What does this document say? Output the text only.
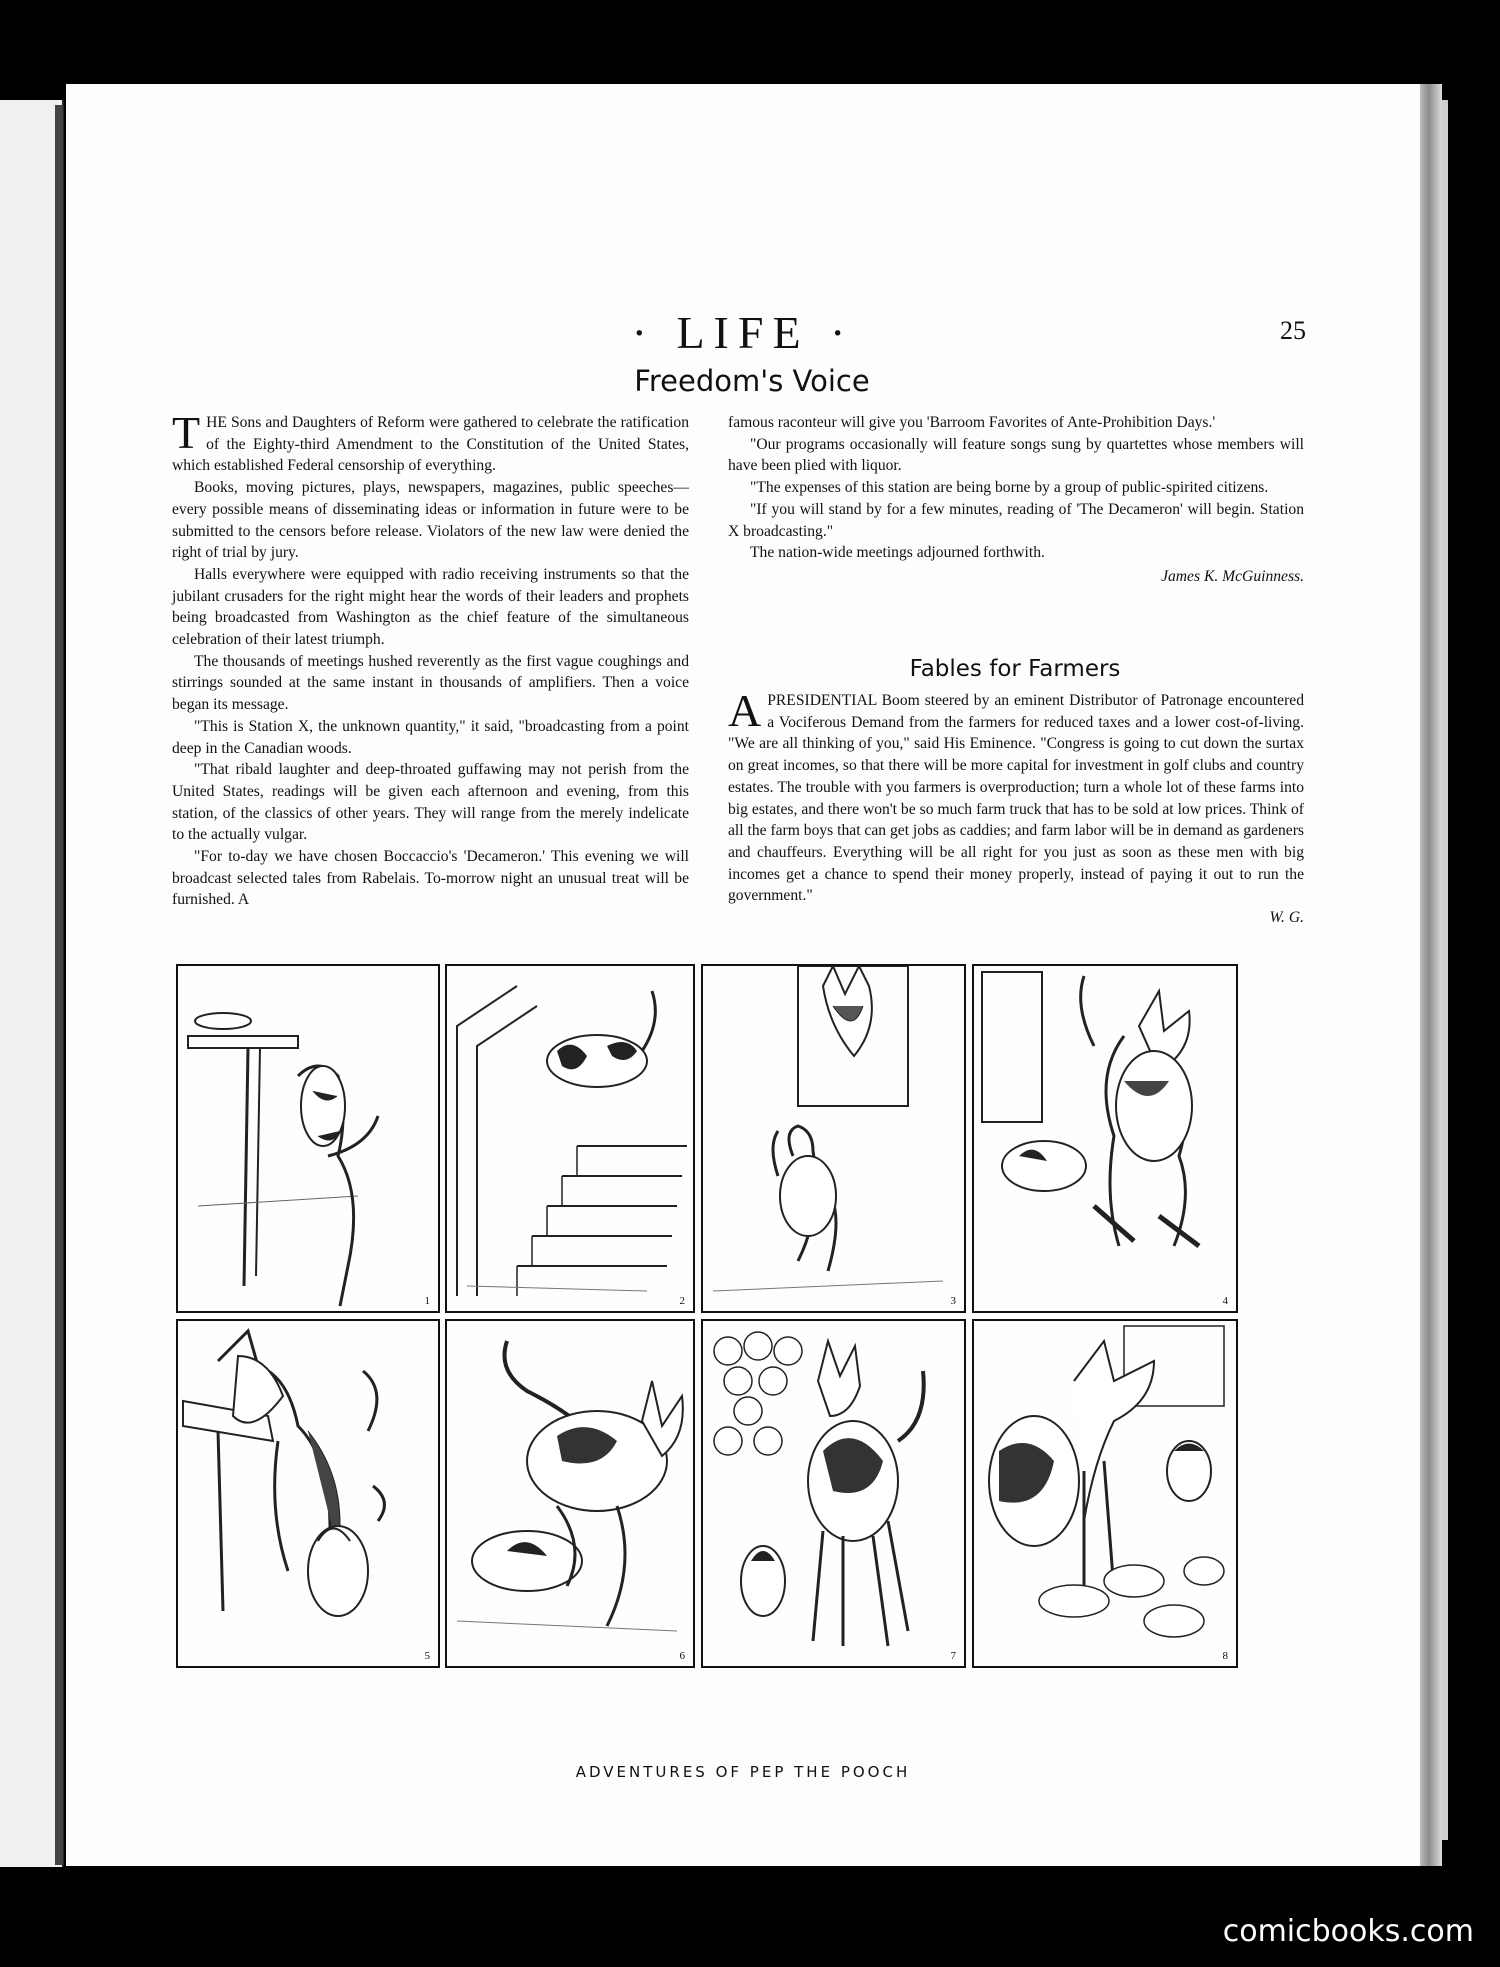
· LIFE ·	25
Freedom's Voice

THE Sons and Daughters of Reform were gathered to celebrate the ratification of the Eighty-third Amendment to the Constitution of the United States, which established Federal censorship of everything.

Books, moving pictures, plays, newspapers, magazines, public speeches—every possible means of disseminating ideas or information in future were to be submitted to the censors before release. Violators of the new law were denied the right of trial by jury.

Halls everywhere were equipped with radio receiving instruments so that the jubilant crusaders for the right might hear the words of their leaders and prophets being broadcasted from Washington as the chief feature of the simultaneous celebration of their latest triumph.

The thousands of meetings hushed reverently as the first vague coughings and stirrings sounded at the same instant in thousands of amplifiers. Then a voice began its message.

"This is Station X, the unknown quantity," it said, "broadcasting from a point deep in the Canadian woods.

"That ribald laughter and deep-throated guffawing may not perish from the United States, readings will be given each afternoon and evening, from this station, of the classics of other years. They will range from the merely indelicate to the actually vulgar.

"For to-day we have chosen Boccaccio's 'Decameron.' This evening we will broadcast selected tales from Rabelais. To-morrow night an unusual treat will be furnished. A

famous raconteur will give you 'Barroom Favorites of Ante-Prohibition Days.'

"Our programs occasionally will feature songs sung by quartettes whose members will have been plied with liquor.

"The expenses of this station are being borne by a group of public-spirited citizens.

"If you will stand by for a few minutes, reading of 'The Decameron' will begin. Station X broadcasting."

The nation-wide meetings adjourned forthwith.

James K. McGuinness.
Fables for Farmers

APRESIDENTIAL Boom steered by an eminent Distributor of Patronage encountered a Vociferous Demand from the farmers for reduced taxes and a lower cost-of-living. "We are all thinking of you," said His Eminence. "Congress is going to cut down the surtax on great incomes, so that there will be more capital for investment in golf clubs and country estates. The trouble with you farmers is overproduction; turn a whole lot of these farms into big estates, and there won't be so much farm truck that has to be sold at low prices. Think of all the farm boys that can get jobs as caddies; and farm labor will be in demand as gardeners and chauffeurs. Everything will be all right for you just as soon as these men with big incomes get a chance to spend their money properly, instead of paying it out to run the government."

W. G.
ADVENTURES OF PEP THE POOCH
1	2	3	4
5	6	7	8
comicbooks.com
